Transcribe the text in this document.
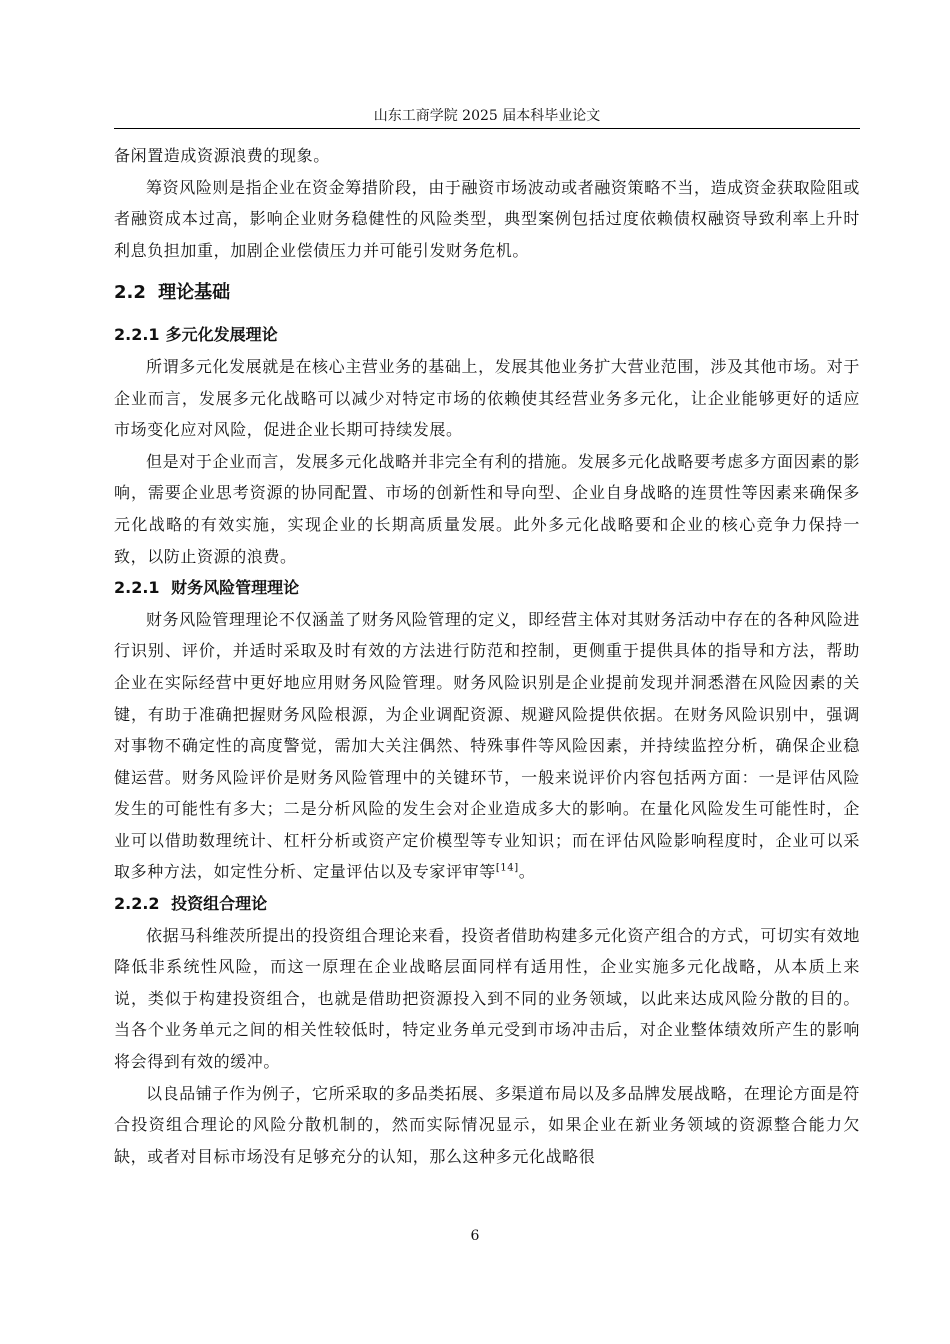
山东工商学院 2025 届本科毕业论文

备闲置造成资源浪费的现象。

筹资风险则是指企业在资金筹措阶段，由于融资市场波动或者融资策略不当，造成资金获取险阻或者融资成本过高，影响企业财务稳健性的风险类型，典型案例包括过度依赖债权融资导致利率上升时利息负担加重，加剧企业偿债压力并可能引发财务危机。

2.2 理论基础
2.2.1 多元化发展理论

所谓多元化发展就是在核心主营业务的基础上，发展其他业务扩大营业范围，涉及其他市场。对于企业而言，发展多元化战略可以减少对特定市场的依赖使其经营业务多元化，让企业能够更好的适应市场变化应对风险，促进企业长期可持续发展。

但是对于企业而言，发展多元化战略并非完全有利的措施。发展多元化战略要考虑多方面因素的影响，需要企业思考资源的协同配置、市场的创新性和导向型、企业自身战略的连贯性等因素来确保多元化战略的有效实施，实现企业的长期高质量发展。此外多元化战略要和企业的核心竞争力保持一致，以防止资源的浪费。

2.2.1 财务风险管理理论

财务风险管理理论不仅涵盖了财务风险管理的定义，即经营主体对其财务活动中存在的各种风险进行识别、评价，并适时采取及时有效的方法进行防范和控制，更侧重于提供具体的指导和方法，帮助企业在实际经营中更好地应用财务风险管理。财务风险识别是企业提前发现并洞悉潜在风险因素的关键，有助于准确把握财务风险根源，为企业调配资源、规避风险提供依据。在财务风险识别中，强调对事物不确定性的高度警觉，需加大关注偶然、特殊事件等风险因素，并持续监控分析，确保企业稳健运营。财务风险评价是财务风险管理中的关键环节，一般来说评价内容包括两方面：一是评估风险发生的可能性有多大；二是分析风险的发生会对企业造成多大的影响。在量化风险发生可能性时，企业可以借助数理统计、杠杆分析或资产定价模型等专业知识；而在评估风险影响程度时，企业可以采取多种方法，如定性分析、定量评估以及专家评审等[14]。

2.2.2 投资组合理论

依据马科维茨所提出的投资组合理论来看，投资者借助构建多元化资产组合的方式，可切实有效地降低非系统性风险，而这一原理在企业战略层面同样有适用性，企业实施多元化战略，从本质上来说，类似于构建投资组合，也就是借助把资源投入到不同的业务领域，以此来达成风险分散的目的。当各个业务单元之间的相关性较低时，特定业务单元受到市场冲击后，对企业整体绩效所产生的影响将会得到有效的缓冲。

以良品铺子作为例子，它所采取的多品类拓展、多渠道布局以及多品牌发展战略，在理论方面是符合投资组合理论的风险分散机制的，然而实际情况显示，如果企业在新业务领域的资源整合能力欠缺，或者对目标市场没有足够充分的认知，那么这种多元化战略很

6
